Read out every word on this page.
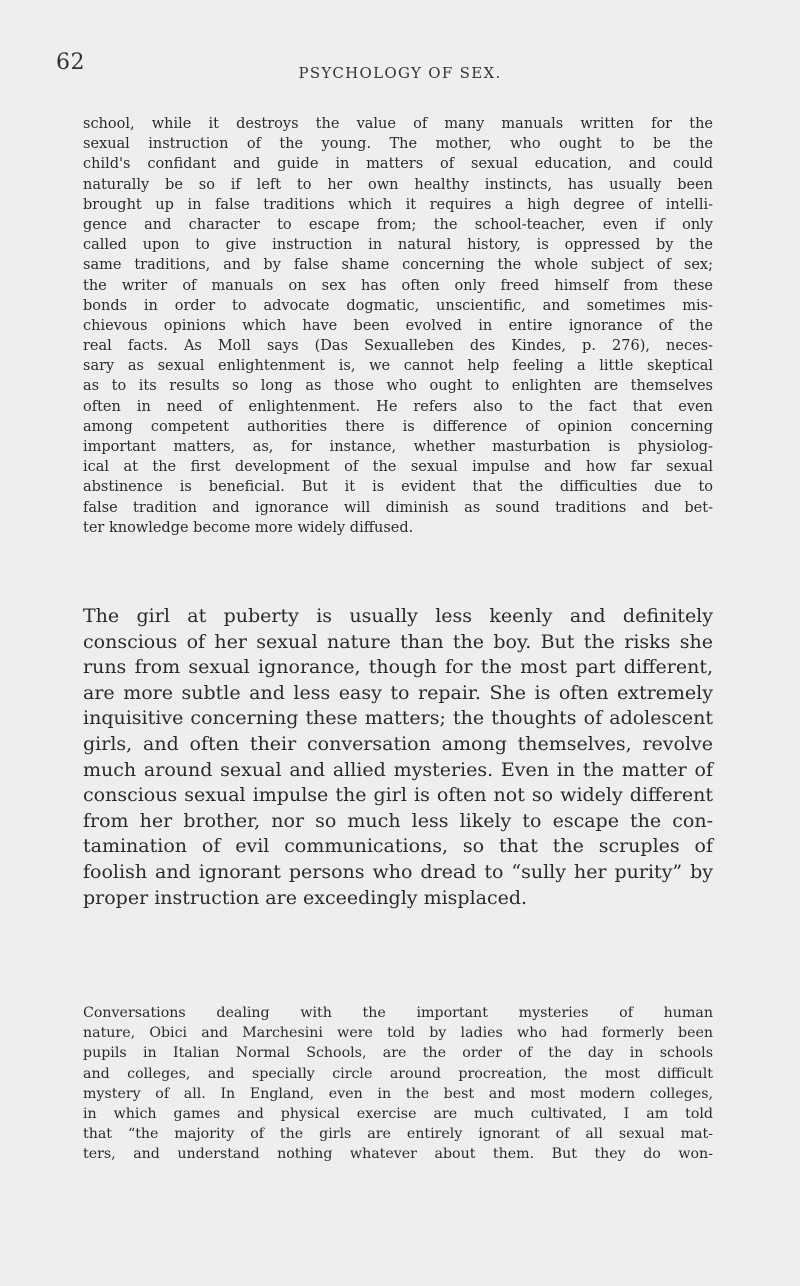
62	PSYCHOLOGY OF SEX.
school, while it destroys the value of many manuals written for the
sexual instruction of the young. The mother, who ought to be the
child's confidant and guide in matters of sexual education, and could
naturally be so if left to her own healthy instincts, has usually been
brought up in false traditions which it requires a high degree of intelli-
gence and character to escape from; the school-teacher, even if only
called upon to give instruction in natural history, is oppressed by the
same traditions, and by false shame concerning the whole subject of sex;
the writer of manuals on sex has often only freed himself from these
bonds in order to advocate dogmatic, unscientific, and sometimes mis-
chievous opinions which have been evolved in entire ignorance of the
real facts. As Moll says (Das Sexualleben des Kindes, p. 276), neces-
sary as sexual enlightenment is, we cannot help feeling a little skeptical
as to its results so long as those who ought to enlighten are themselves
often in need of enlightenment. He refers also to the fact that even
among competent authorities there is difference of opinion concerning
important matters, as, for instance, whether masturbation is physiolog-
ical at the first development of the sexual impulse and how far sexual
abstinence is beneficial. But it is evident that the difficulties due to
false tradition and ignorance will diminish as sound traditions and bet-
ter knowledge become more widely diffused.
The girl at puberty is usually less keenly and definitely
conscious of her sexual nature than the boy. But the risks she
runs from sexual ignorance, though for the most part different,
are more subtle and less easy to repair. She is often extremely
inquisitive concerning these matters; the thoughts of adolescent
girls, and often their conversation among themselves, revolve
much around sexual and allied mysteries. Even in the matter of
conscious sexual impulse the girl is often not so widely different
from her brother, nor so much less likely to escape the con-
tamination of evil communications, so that the scruples of
foolish and ignorant persons who dread to “sully her purity” by
proper instruction are exceedingly misplaced.
Conversations dealing with the important mysteries of human
nature, Obici and Marchesini were told by ladies who had formerly been
pupils in Italian Normal Schools, are the order of the day in schools
and colleges, and specially circle around procreation, the most difficult
mystery of all. In England, even in the best and most modern colleges,
in which games and physical exercise are much cultivated, I am told
that “the majority of the girls are entirely ignorant of all sexual mat-
ters, and understand nothing whatever about them. But they do won-
